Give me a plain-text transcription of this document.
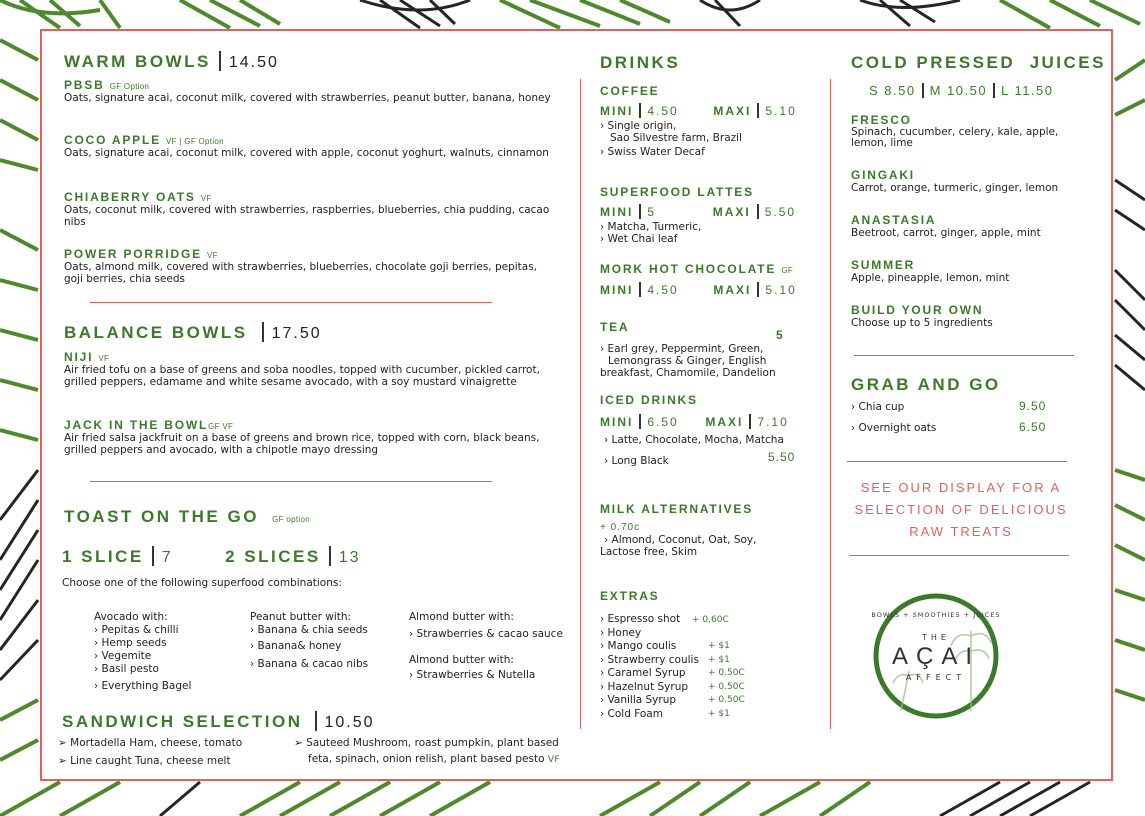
WARM BOWLS 14.50
PBSB GF Option
Oats, signature acai, coconut milk, covered with strawberries, peanut butter, banana, honey
COCO APPLE VF | GF Option
Oats, signature acai, coconut milk, covered with apple, coconut yoghurt, walnuts, cinnamon
CHIABERRY OATS VF
Oats, coconut milk, covered with strawberries, raspberries, blueberries, chia pudding, cacao nibs
POWER PORRIDGE VF
Oats, almond milk, covered with strawberries, blueberries, chocolate goji berries, pepitas, goji berries, chia seeds
BALANCE BOWLS 17.50
NIJI VF
Air fried tofu on a base of greens and soba noodles, topped with cucumber, pickled carrot, grilled peppers, edamame and white sesame avocado, with a soy mustard vinaigrette
JACK IN THE BOWLGF VF
Air fried salsa jackfruit on a base of greens and brown rice, topped with corn, black beans, grilled peppers and avocado, with a chipotle mayo dressing
TOAST ON THE GO GF option
1 SLICE 7	2 SLICES 13
Choose one of the following superfood combinations:
Avocado with:
› Pepitas & chilli
› Hemp seeds
› Vegemite
› Basil pesto
› Everything Bagel
Peanut butter with:
› Banana & chia seeds
› Banana& honey
› Banana & cacao nibs
Almond butter with:
› Strawberries & cacao sauce
Almond butter with:
› Strawberries & Nutella
SANDWICH SELECTION 10.50
➢ Mortadella Ham, cheese, tomato
➢ Line caught Tuna, cheese melt
➢ Sauteed Mushroom, roast pumpkin, plant based
feta, spinach, onion relish, plant based pesto VF
DRINKS
COFFEE
MINI 4.50	MAXI 5.10
› Single origin,
Sao Silvestre farm, Brazil
› Swiss Water Decaf
SUPERFOOD LATTES
MINI 5	MAXI 5.50
› Matcha, Turmeric,
› Wet Chai leaf
MORK HOT CHOCOLATE GF
MINI 4.50	MAXI 5.10
TEA
5
› Earl grey, Peppermint, Green,
Lemongrass & Ginger, English
breakfast, Chamomile, Dandelion
ICED DRINKS
MINI 6.50 MAXI 7.10
› Latte, Chocolate, Mocha, Matcha
› Long Black	5.50
MILK ALTERNATIVES
+ 0.70c
› Almond, Coconut, Oat, Soy,
Lactose free, Skim
EXTRAS
› Espresso shot + 0.60C
› Honey
› Mango coulis	+ $1
› Strawberry coulis + $1
› Caramel Syrup + 0.50C
› Hazelnut Syrup + 0.50C
› Vanilla Syrup	+ 0.50C
› Cold Foam	+ $1
COLD PRESSED  JUICES
S 8.50 M 10.50 L 11.50
FRESCO
Spinach, cucumber, celery, kale, apple, lemon, lime
GINGAKI
Carrot, orange, turmeric, ginger, lemon
ANASTASIA
Beetroot, carrot, ginger, apple, mint
SUMMER
Apple, pineapple, lemon, mint
BUILD YOUR OWN
Choose up to 5 ingredients
GRAB AND GO
› Chia cup	9.50
› Overnight oats	6.50
SEE OUR DISPLAY FOR A
SELECTION OF DELICIOUS
RAW TREATS
BOWLS + SMOOTHIES + JUICES
THE
AÇAI
AFFECT
